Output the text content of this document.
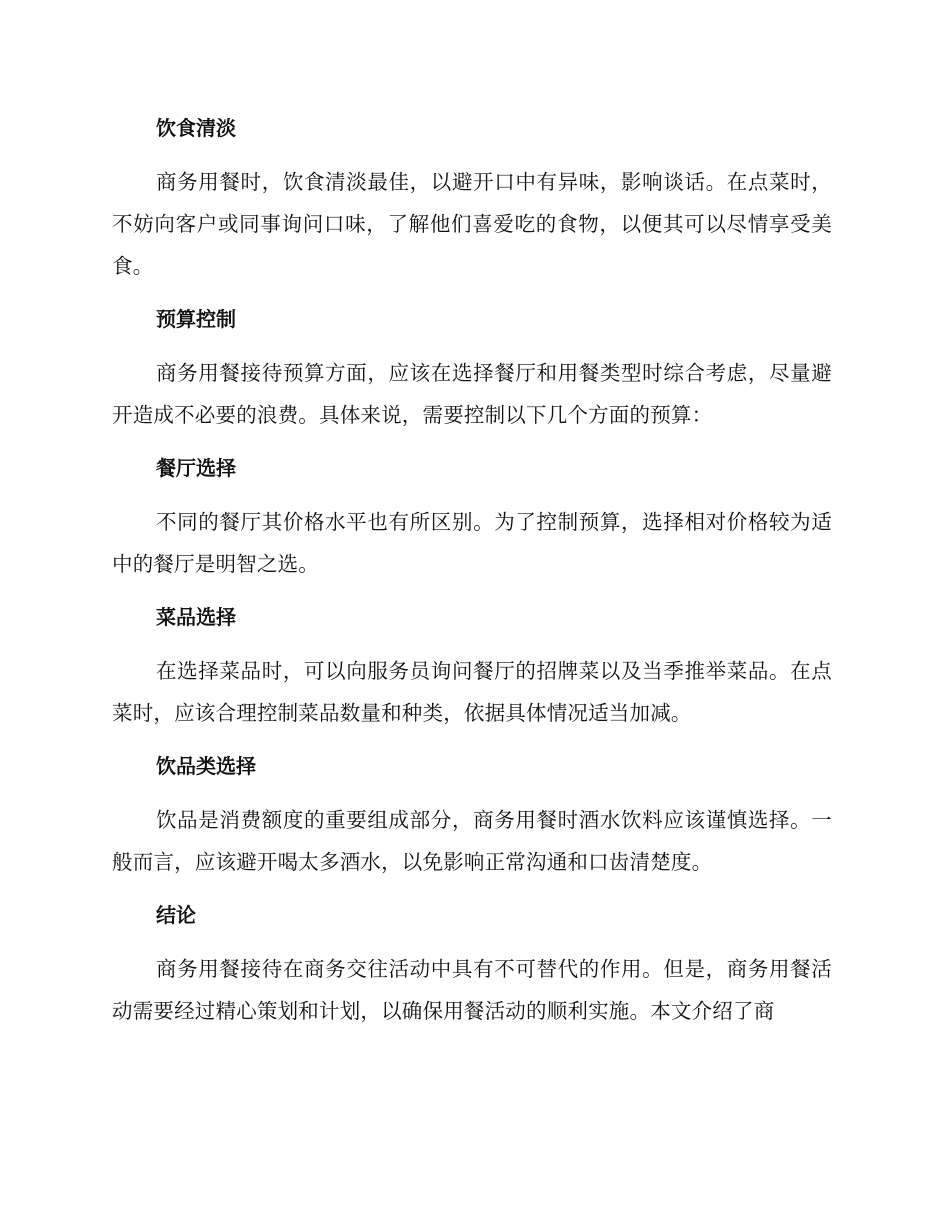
饮食清淡

商务用餐时，饮食清淡最佳，以避开口中有异味，影响谈话。在点菜时，不妨向客户或同事询问口味，了解他们喜爱吃的食物，以便其可以尽情享受美食。

预算控制

商务用餐接待预算方面，应该在选择餐厅和用餐类型时综合考虑，尽量避开造成不必要的浪费。具体来说，需要控制以下几个方面的预算：

餐厅选择

不同的餐厅其价格水平也有所区别。为了控制预算，选择相对价格较为适中的餐厅是明智之选。

菜品选择

在选择菜品时，可以向服务员询问餐厅的招牌菜以及当季推举菜品。在点菜时，应该合理控制菜品数量和种类，依据具体情况适当加减。

饮品类选择

饮品是消费额度的重要组成部分，商务用餐时酒水饮料应该谨慎选择。一般而言，应该避开喝太多酒水，以免影响正常沟通和口齿清楚度。

结论

商务用餐接待在商务交往活动中具有不可替代的作用。但是，商务用餐活动需要经过精心策划和计划，以确保用餐活动的顺利实施。本文介绍了商
